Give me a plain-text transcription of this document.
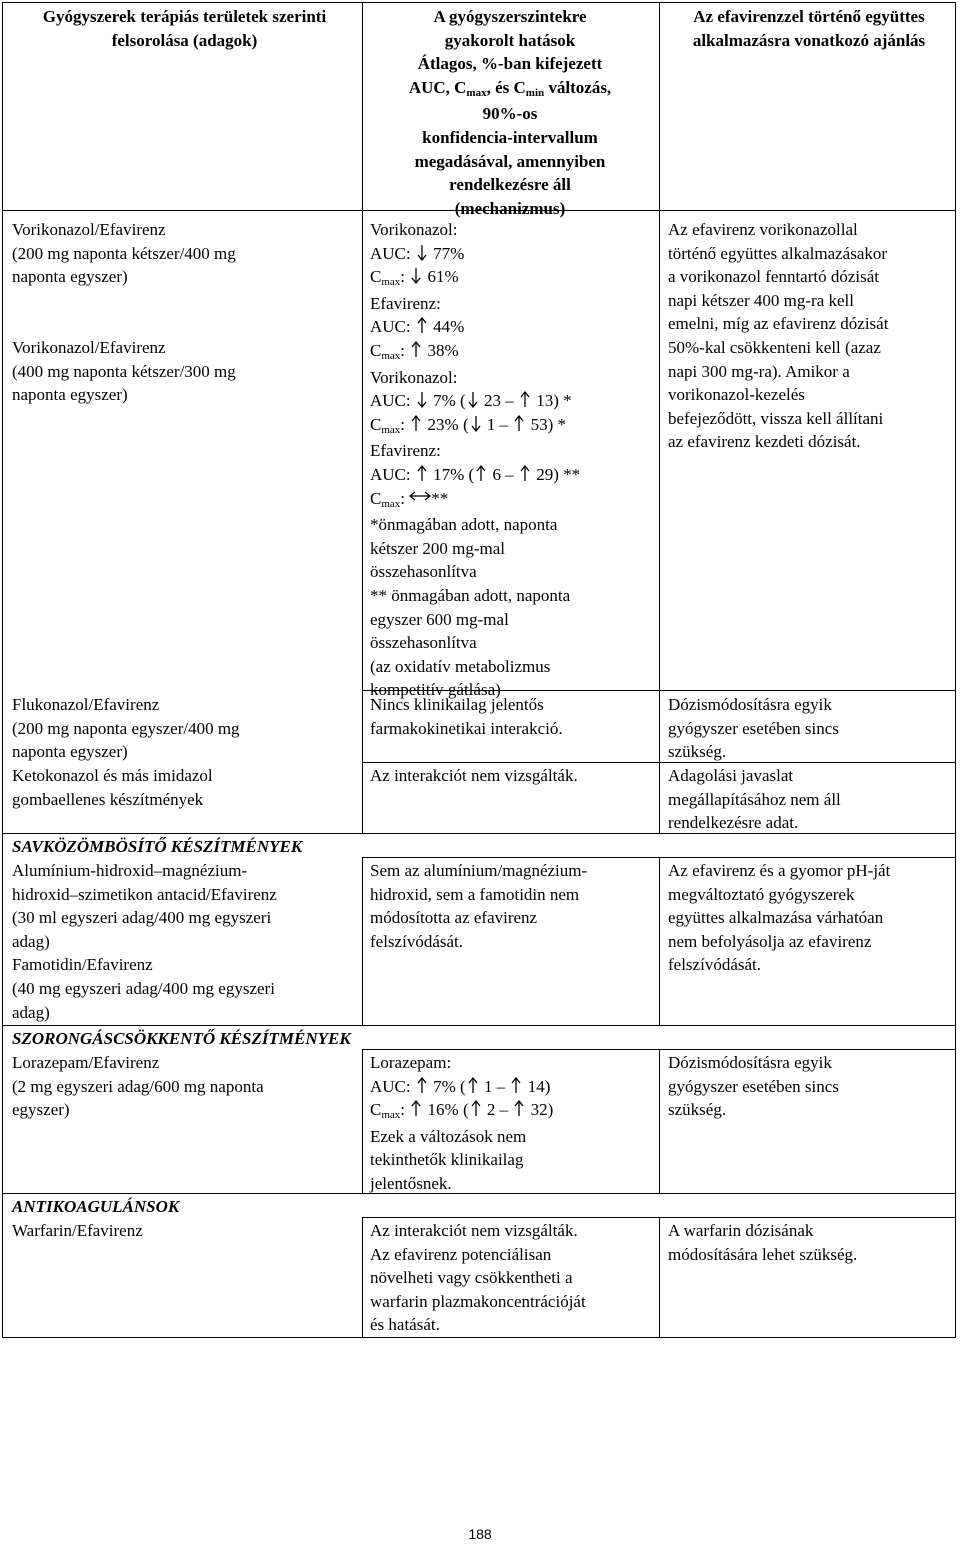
Gyógyszerek terápiás területek szerinti felsorolása (adagok)
A gyógyszerszintekre
gyakorolt hatások
Átlagos, %-ban kifejezett
AUC, Cmax, és Cmin változás,
90%-os
konfidencia-intervallum
megadásával, amennyiben
rendelkezésre áll
(mechanizmus)
Az efavirenzzel történő együttes alkalmazásra vonatkozó ajánlás
Vorikonazol/Efavirenz
(200 mg naponta kétszer/400 mg
naponta egyszer)
Vorikonazol/Efavirenz
(400 mg naponta kétszer/300 mg
naponta egyszer)
Vorikonazol:
AUC: 77%
Cmax:
61%
Efavirenz:
AUC: 44%
Cmax:
38%
Vorikonazol:
AUC: 7% ( 23 – 13) *
Cmax:
23% ( 1 – 53) *
Efavirenz:
AUC: 17% ( 6 – 29) **
Cmax:
**
*önmagában adott, naponta
kétszer 200 mg-mal
összehasonlítva
** önmagában adott, naponta
egyszer 600 mg-mal
összehasonlítva
(az oxidatív metabolizmus
kompetitív gátlása)
Az efavirenz vorikonazollal
történő együttes alkalmazásakor
a vorikonazol fenntartó dózisát
napi kétszer 400 mg-ra kell
emelni, míg az efavirenz dózisát
50%-kal csökkenteni kell (azaz
napi 300 mg-ra). Amikor a
vorikonazol-kezelés
befejeződött, vissza kell állítani
az efavirenz kezdeti dózisát.
Flukonazol/Efavirenz
(200 mg naponta egyszer/400 mg
naponta egyszer)
Nincs klinikailag jelentős
farmakokinetikai interakció.
Dózismódosításra egyik
gyógyszer esetében sincs
szükség.
Ketokonazol és más imidazol
gombaellenes készítmények
Az interakciót nem vizsgálták.	Adagolási javaslat
megállapításához nem áll
rendelkezésre adat.
SAVKÖZÖMBÖSÍTŐ KÉSZÍTMÉNYEK
Alumínium-hidroxid–magnézium-
hidroxid–szimetikon antacid/Efavirenz
(30 ml egyszeri adag/400 mg egyszeri
adag)
Famotidin/Efavirenz
(40 mg egyszeri adag/400 mg egyszeri
adag)
Sem az alumínium/magnézium-
hidroxid, sem a famotidin nem
módosította az efavirenz
felszívódását.
Az efavirenz és a gyomor pH-ját
megváltoztató gyógyszerek
együttes alkalmazása várhatóan
nem befolyásolja az efavirenz
felszívódását.
SZORONGÁSCSÖKKENTŐ KÉSZÍTMÉNYEK
Lorazepam/Efavirenz
(2 mg egyszeri adag/600 mg naponta
egyszer)
Lorazepam:
AUC: 7% ( 1 – 14)
Cmax:
16% ( 2 – 32)
Ezek a változások nem
tekinthetők klinikailag
jelentősnek.
Dózismódosításra egyik
gyógyszer esetében sincs
szükség.
ANTIKOAGULÁNSOK
Warfarin/Efavirenz	Az interakciót nem vizsgálták.
Az efavirenz potenciálisan
növelheti vagy csökkentheti a
warfarin plazmakoncentrációját
és hatását.
A warfarin dózisának
módosítására lehet szükség.
188
